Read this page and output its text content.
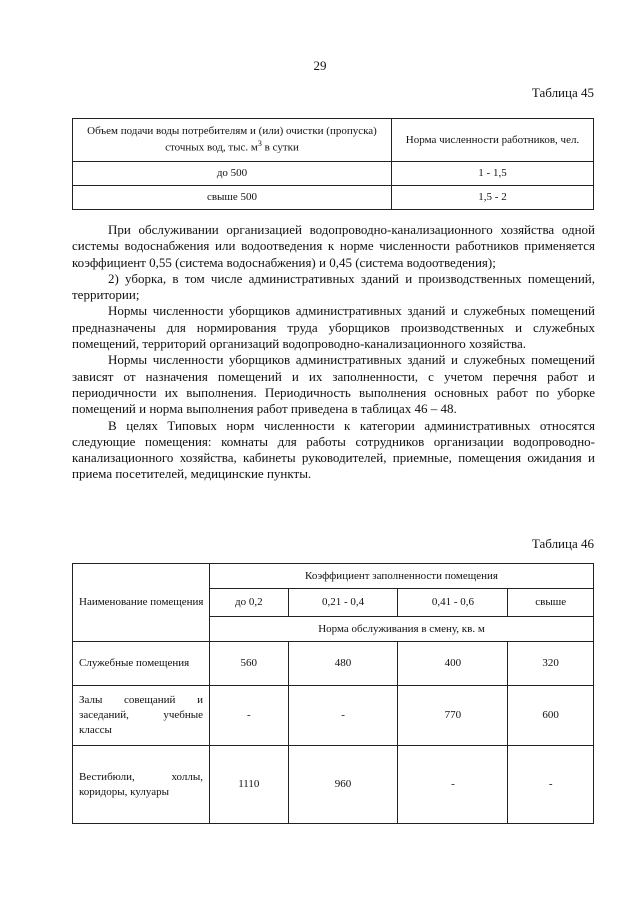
29
Таблица 45
Объем подачи воды потребителям и (или) очистки (пропуска) сточных вод, тыс. $м^3$ в сутки	Норма численности работников, чел.
до 500	1 - 1,5
свыше 500	1,5 - 2

При обслуживании организацией водопроводно-канализационного хозяйства одной системы водоснабжения или водоотведения к норме численности работников применяется коэффициент 0,55 (система водоснабжения) и 0,45 (система водоотведения);

2) уборка, в том числе административных зданий и производственных помещений, территории;

Нормы численности уборщиков административных зданий и служебных помещений предназначены для нормирования труда уборщиков производственных и служебных помещений, территорий организаций водопроводно-канализационного хозяйства.

Нормы численности уборщиков административных зданий и служебных помещений зависят от назначения помещений и их заполненности, с учетом перечня работ и периодичности их выполнения. Периодичность выполнения основных работ по уборке помещений и норма выполнения работ приведена в таблицах 46 – 48.

В целях Типовых норм численности к категории административных относятся следующие помещения: комнаты для работы сотрудников организации водопроводно-канализационного хозяйства, кабинеты руководителей, приемные, помещения ожидания и приема посетителей, медицинские пункты.

Таблица 46
Наименование помещения	Коэффициент заполненности помещения			
	до 0,2	0,21 - 0,4	0,41 - 0,6	свыше
	Норма обслуживания в смену, кв. м			
Служебные помещения	560	480	400	320
Залы совещаний и заседаний, учебные классы	-	-	770	600
Вестибюли, холлы, коридоры, кулуары	1110	960	-	-
